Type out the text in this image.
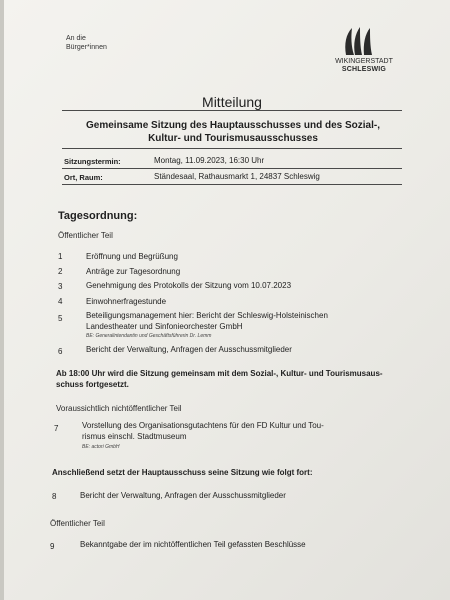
An die
Bürger*innen
WIKINGERSTADT
SCHLESWIG
Mitteilung
Gemeinsame Sitzung des Hauptausschusses und des Sozial-,
Kultur- und Tourismusausschusses
Sitzungstermin:	Montag, 11.09.2023, 16:30 Uhr
Ort, Raum:	Ständesaal, Rathausmarkt 1, 24837 Schleswig
Tagesordnung:
Öffentlicher Teil
1	Eröffnung und Begrüßung
2	Anträge zur Tagesordnung
3	Genehmigung des Protokolls der Sitzung vom 10.07.2023
4	Einwohnerfragestunde
5	Beteiligungsmanagement hier: Bericht der Schleswig-Holsteinischen
Landestheater und Sinfonieorchester GmbH
BE: Generalintendantin und Geschäftsführerin Dr. Lemm
6	Bericht der Verwaltung, Anfragen der Ausschussmitglieder
Ab 18:00 Uhr wird die Sitzung gemeinsam mit dem Sozial-, Kultur- und Tourismusaus-
schuss fortgesetzt.
Voraussichtlich nichtöffentlicher Teil
7	Vorstellung des Organisationsgutachtens für den FD Kultur und Tou-
rismus einschl. Stadtmuseum
BE: actori GmbH
Anschließend setzt der Hauptausschuss seine Sitzung wie folgt fort:
8	Bericht der Verwaltung, Anfragen der Ausschussmitglieder
Öffentlicher Teil
9	Bekanntgabe der im nichtöffentlichen Teil gefassten Beschlüsse
